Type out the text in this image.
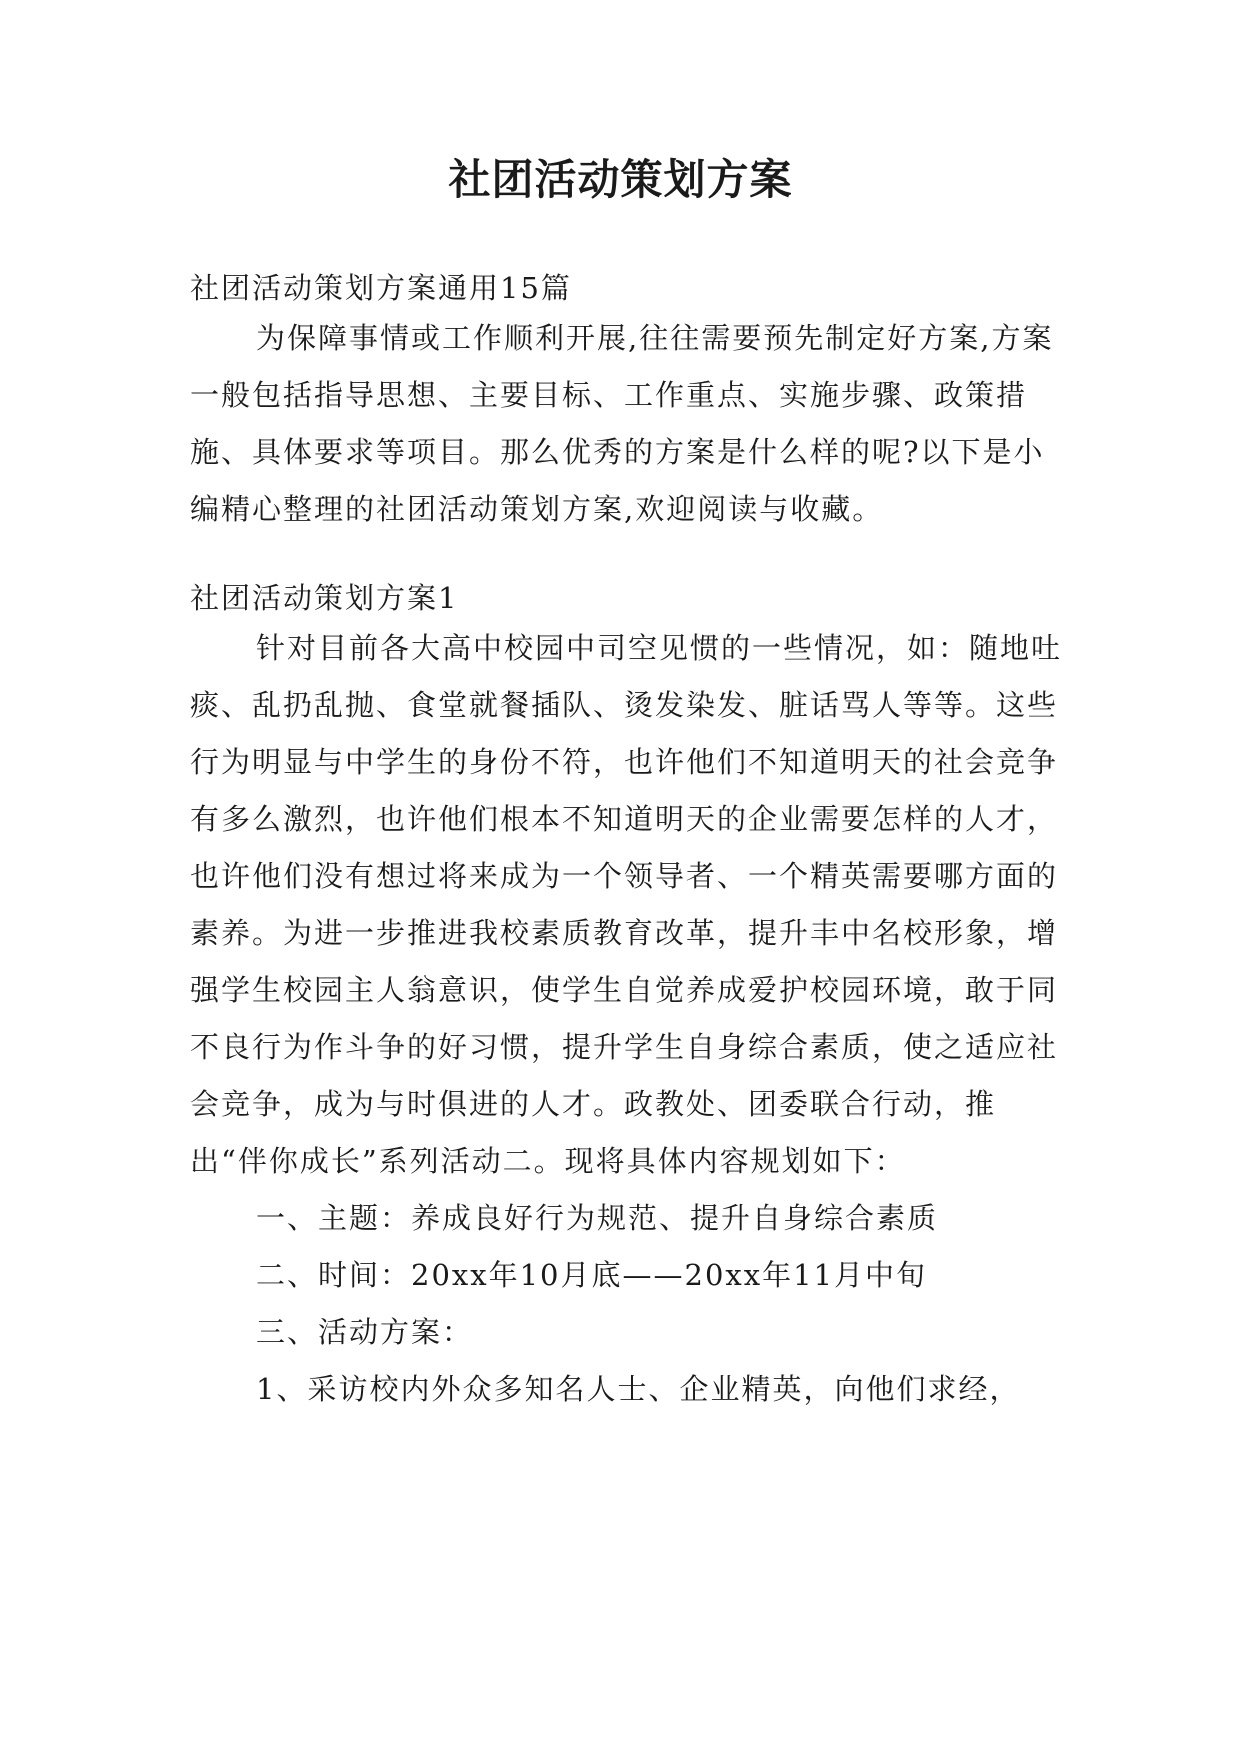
社团活动策划方案
社团活动策划方案通用15篇

为保障事情或工作顺利开展,往往需要预先制定好方案,方案一般包括指导思想、主要目标、工作重点、实施步骤、政策措施、具体要求等项目。那么优秀的方案是什么样的呢?以下是小编精心整理的社团活动策划方案,欢迎阅读与收藏。

社团活动策划方案1

针对目前各大高中校园中司空见惯的一些情况，如：随地吐痰、乱扔乱抛、食堂就餐插队、烫发染发、脏话骂人等等。这些行为明显与中学生的身份不符，也许他们不知道明天的社会竞争有多么激烈，也许他们根本不知道明天的企业需要怎样的人才，也许他们没有想过将来成为一个领导者、一个精英需要哪方面的素养。为进一步推进我校素质教育改革，提升丰中名校形象，增强学生校园主人翁意识，使学生自觉养成爱护校园环境，敢于同不良行为作斗争的好习惯，提升学生自身综合素质，使之适应社会竞争，成为与时俱进的人才。政教处、团委联合行动，推出“伴你成长”系列活动二。现将具体内容规划如下：

一、主题：养成良好行为规范、提升自身综合素质

二、时间：20xx年10月底——20xx年11月中旬

三、活动方案：

1、采访校内外众多知名人士、企业精英，向他们求经，
